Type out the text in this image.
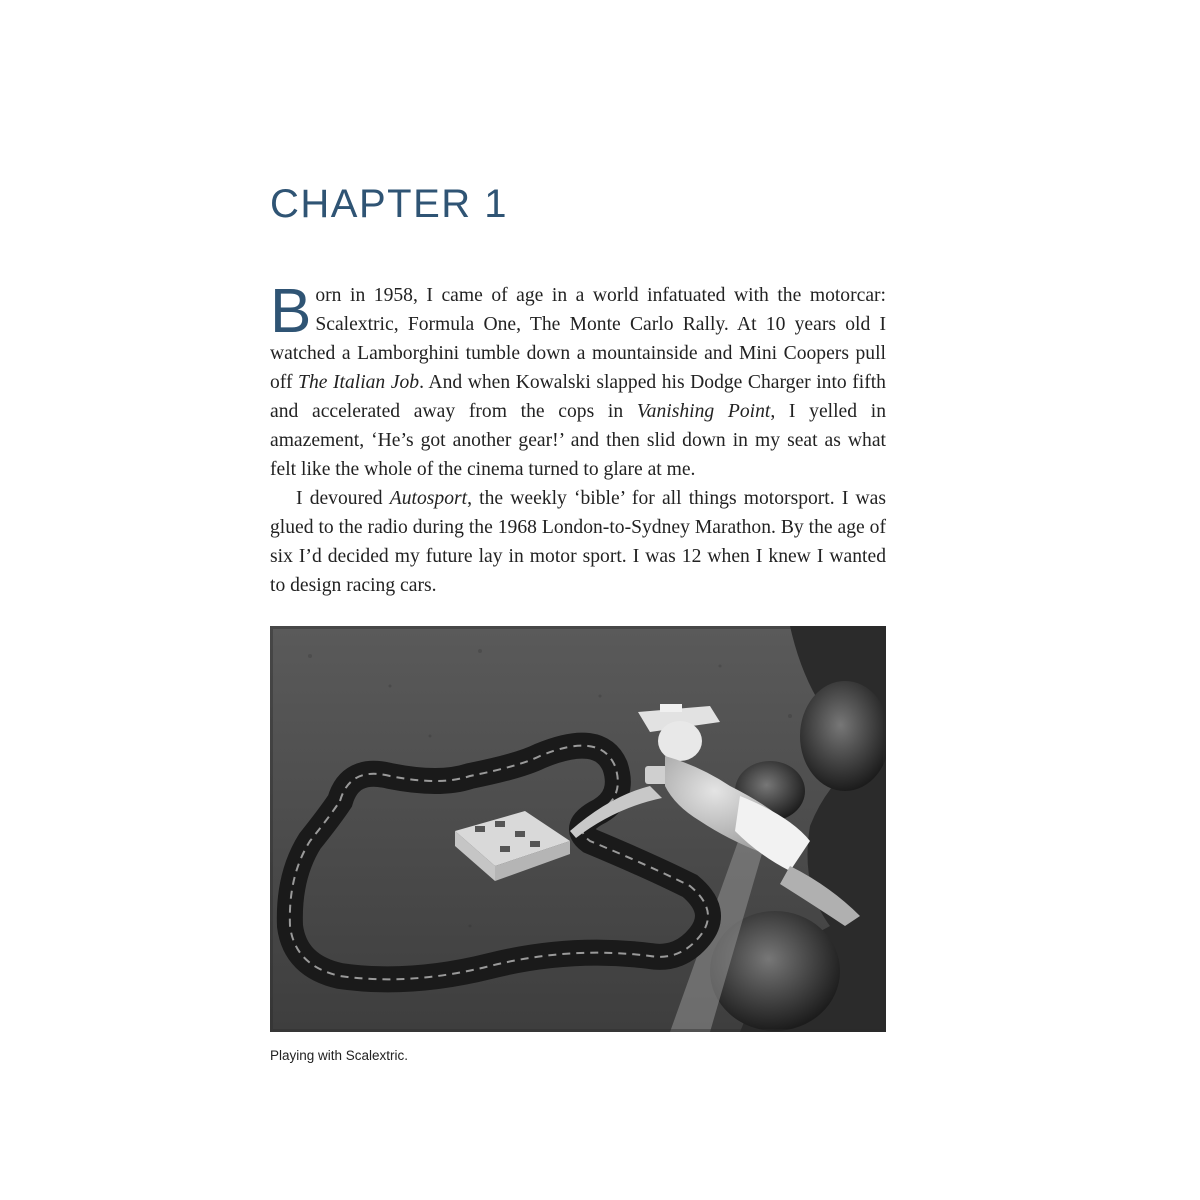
CHAPTER 1

Born in 1958, I came of age in a world infatuated with the motorcar: Scalextric, Formula One, The Monte Carlo Rally. At 10 years old I watched a Lamborghini tumble down a mountainside and Mini Coopers pull off The Italian Job. And when Kowalski slapped his Dodge Charger into fifth and accelerated away from the cops in Vanishing Point, I yelled in amazement, ‘He’s got another gear!’ and then slid down in my seat as what felt like the whole of the cinema turned to glare at me.

I devoured Autosport, the weekly ‘bible’ for all things motorsport. I was glued to the radio during the 1968 London-to-Sydney Marathon. By the age of six I’d decided my future lay in motor sport. I was 12 when I knew I wanted to design racing cars.

Playing with Scalextric.
